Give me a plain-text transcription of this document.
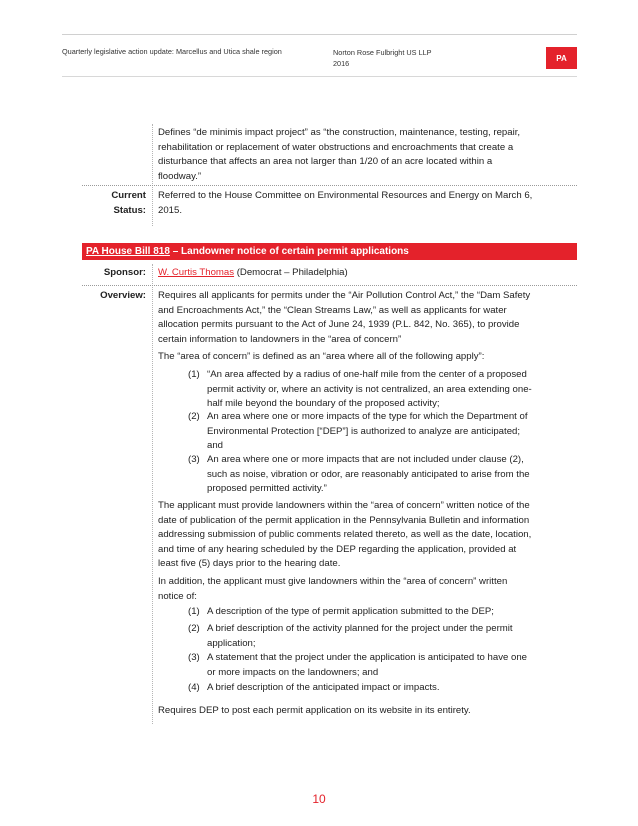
Quarterly legislative action update: Marcellus and Utica shale region	Norton Rose Fulbright US LLP
2016
PA
Defines “de minimis impact project” as “the construction, maintenance, testing, repair,
rehabilitation or replacement of water obstructions and encroachments that create a
disturbance that affects an area not larger than 1/20 of an acre located within a
floodway.”
Current
Status:
Referred to the House Committee on Environmental Resources and Energy on March 6,
2015.
PA House Bill 818 – Landowner notice of certain permit applications
Sponsor: W. Curtis Thomas (Democrat – Philadelphia)
Overview: Requires all applicants for permits under the “Air Pollution Control Act,” the “Dam Safety
and Encroachments Act,” the “Clean Streams Law,” as well as applicants for water
allocation permits pursuant to the Act of June 24, 1939 (P.L. 842, No. 365), to provide
certain information to landowners in the “area of concern”
The “area of concern” is defined as an “area where all of the following apply”:
(1) “An area affected by a radius of one-half mile from the center of a proposed
permit activity or, where an activity is not centralized, an area extending one-
half mile beyond the boundary of the proposed activity;
(2) An area where one or more impacts of the type for which the Department of
Environmental Protection [“DEP”] is authorized to analyze are anticipated;
and
(3) An area where one or more impacts that are not included under clause (2),
such as noise, vibration or odor, are reasonably anticipated to arise from the
proposed permitted activity.”
The applicant must provide landowners within the “area of concern” written notice of the
date of publication of the permit application in the Pennsylvania Bulletin and information
addressing submission of public comments related thereto, as well as the date, location,
and time of any hearing scheduled by the DEP regarding the application, provided at
least five (5) days prior to the hearing date.
In addition, the applicant must give landowners within the “area of concern” written
notice of:
(1) A description of the type of permit application submitted to the DEP;
(2) A brief description of the activity planned for the project under the permit
application;
(3) A statement that the project under the application is anticipated to have one
or more impacts on the landowners; and
(4) A brief description of the anticipated impact or impacts.
Requires DEP to post each permit application on its website in its entirety.
10
